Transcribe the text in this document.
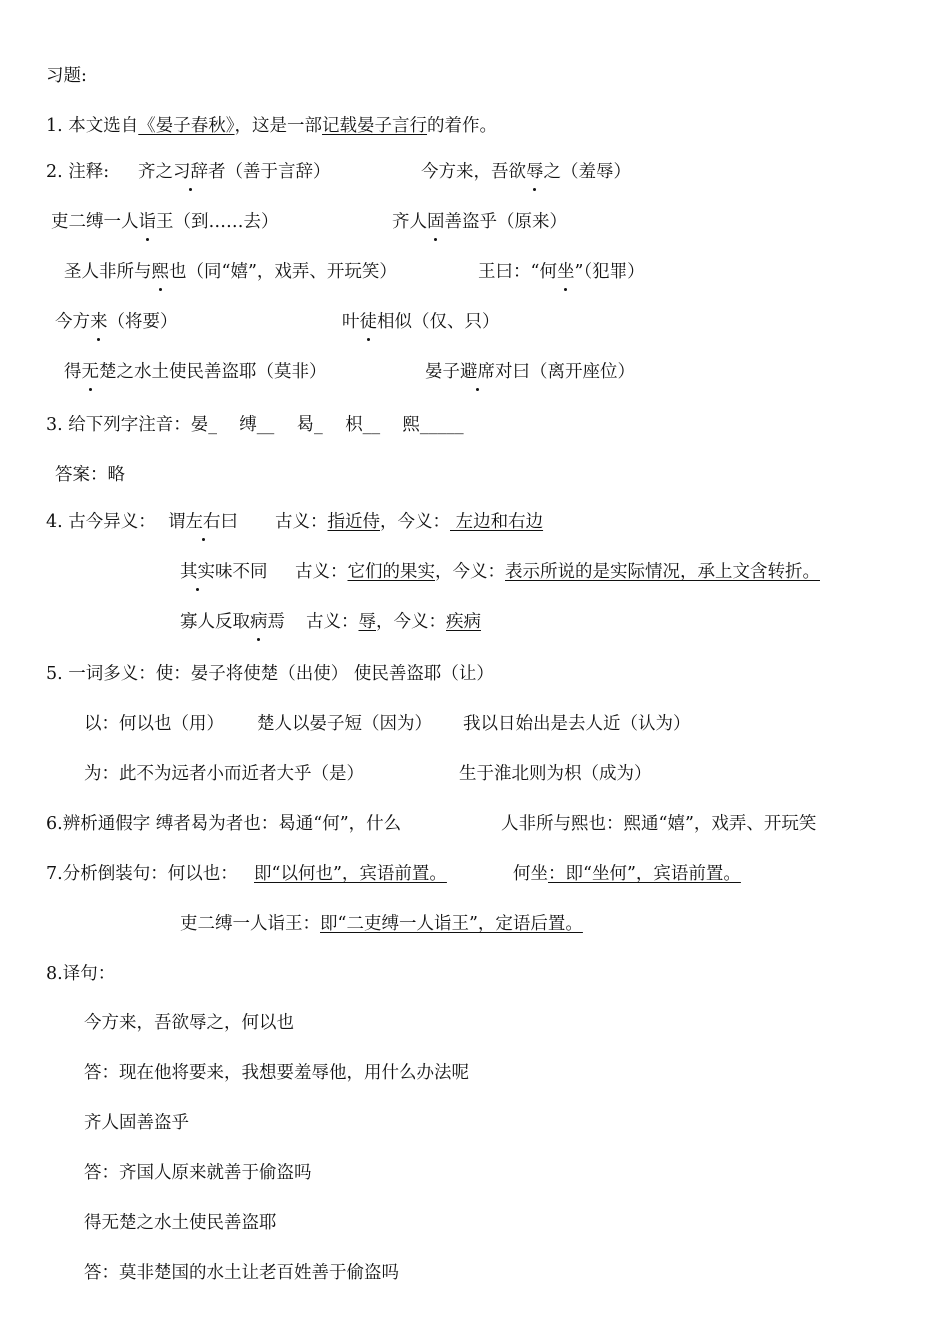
习题:
1. 本文选自《晏子春秋》，这是一部记载晏子言行的着作。
2. 注释: 齐之习辞者（善于言辞）	今方来，吾欲辱之（羞辱）
吏二缚一人诣王（到……去）	齐人固善盗乎（原来）
圣人非所与熙也（同“嬉”，戏弄、开玩笑）	王曰：“何坐”（犯罪）
今方来（将要）	叶徒相似（仅、只）
得无楚之水土使民善盗耶（莫非）	晏子避席对曰（离开座位）
3. 给下列字注音：晏_ 缚__ 曷_ 枳__ 熙_____
答案：略
4. 古今异义： 谓左右曰 古义：指近侍，今义： 左边和右边
其实味不同 古义：它们的果实，今义：表示所说的是实际情况，承上文含转折。
寡人反取病焉 古义：辱，今义：疾病
5. 一词多义：使：晏子将使楚（出使） 使民善盗耶（让）
以：何以也（用） 楚人以晏子短（因为） 我以日始出是去人近（认为）
为：此不为远者小而近者大乎（是）	生于淮北则为枳（成为）
6.辨析通假字 缚者曷为者也：曷通“何”，什么	人非所与熙也：熙通“嬉”，戏弄、开玩笑
7.分析倒装句：何以也： 即“以何也”，宾语前置。	何坐：即“坐何”，宾语前置。
吏二缚一人诣王：即“二吏缚一人诣王”，定语后置。
8.译句：
今方来，吾欲辱之，何以也
答：现在他将要来，我想要羞辱他，用什么办法呢
齐人固善盗乎
答：齐国人原来就善于偷盗吗
得无楚之水土使民善盗耶
答：莫非楚国的水土让老百姓善于偷盗吗
